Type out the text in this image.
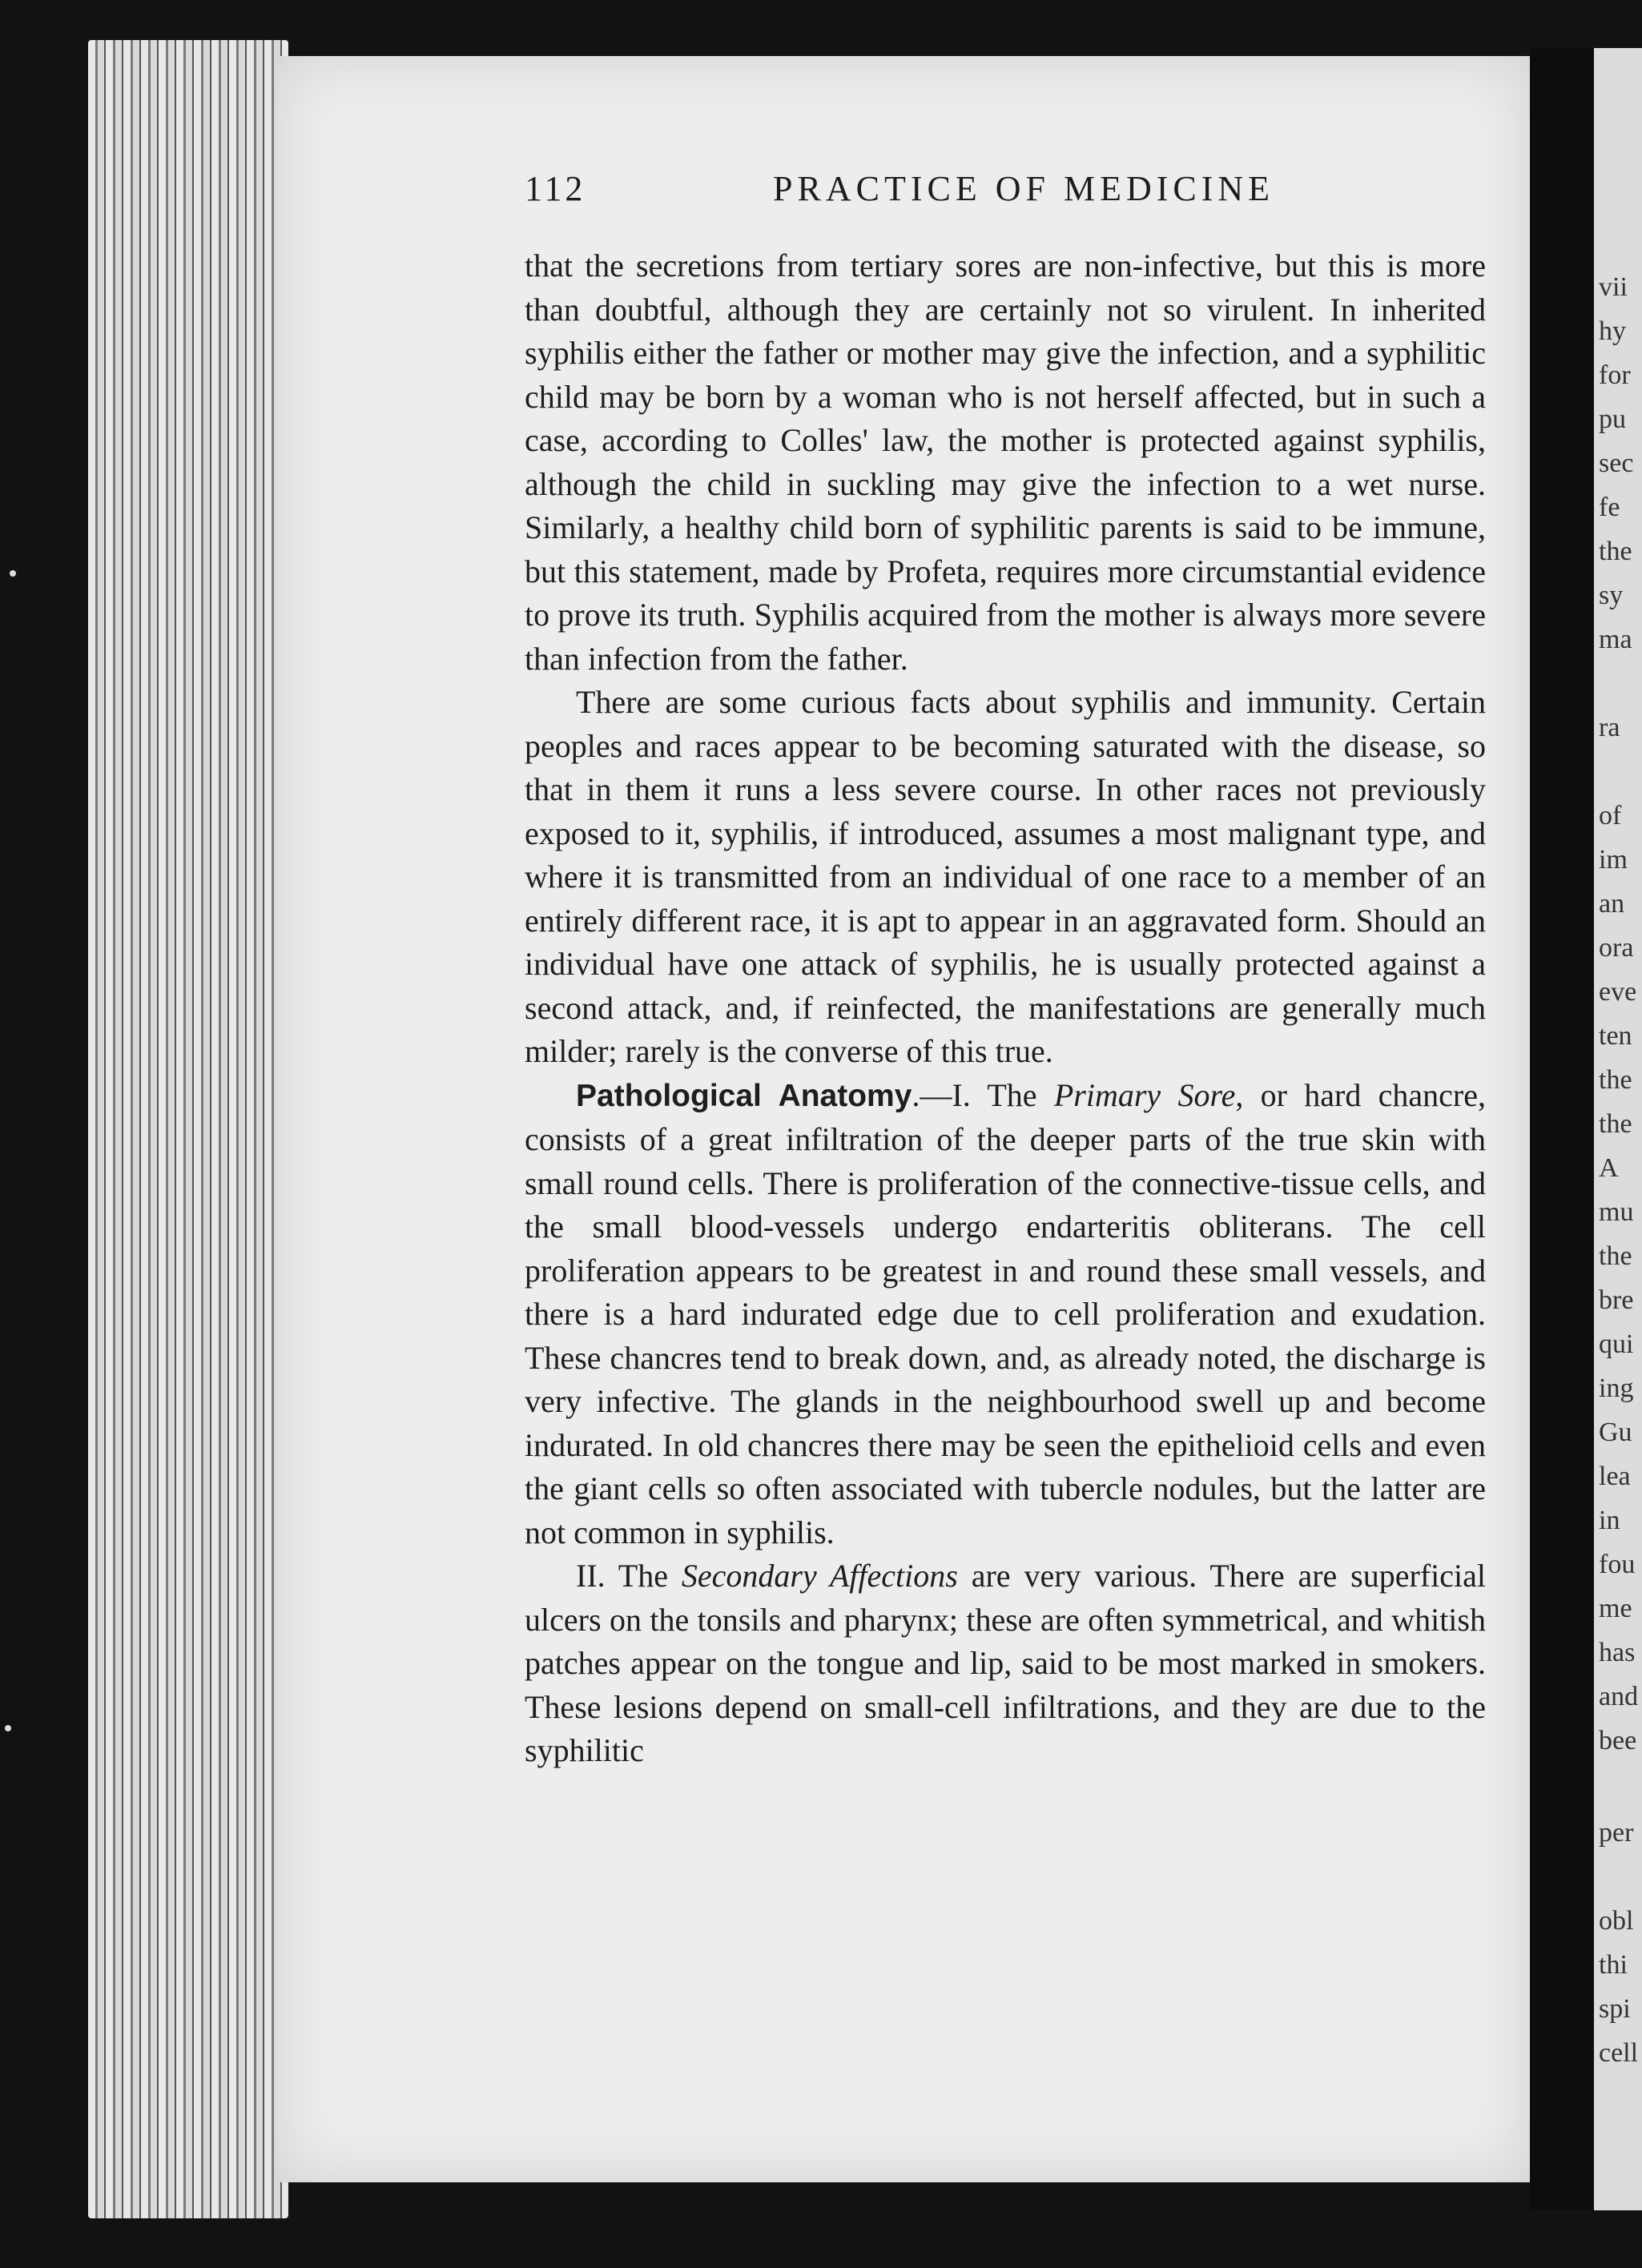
vii
hy
for
pu
sec
fe
the
sy
ma
ra
of
im
an
ora
eve
ten
the
the
A
mu
the
bre
qui
ing
Gu
lea
in
fou
me
has
and
bee
per
obl
thi
spi
cell
112	PRACTICE OF MEDICINE

that the secretions from tertiary sores are non-infective, but this is more than doubtful, although they are certainly not so virulent. In inherited syphilis either the father or mother may give the infection, and a syphilitic child may be born by a woman who is not herself affected, but in such a case, according to Colles' law, the mother is protected against syphilis, although the child in suckling may give the infection to a wet nurse. Similarly, a healthy child born of syphilitic parents is said to be immune, but this statement, made by Profeta, requires more circumstantial evidence to prove its truth. Syphilis acquired from the mother is always more severe than infection from the father.

There are some curious facts about syphilis and immunity. Certain peoples and races appear to be becoming saturated with the disease, so that in them it runs a less severe course. In other races not previously exposed to it, syphilis, if introduced, assumes a most malignant type, and where it is transmitted from an individual of one race to a member of an entirely different race, it is apt to appear in an aggravated form. Should an individual have one attack of syphilis, he is usually protected against a second attack, and, if reinfected, the manifestations are generally much milder; rarely is the converse of this true.

Pathological Anatomy.—I. The Primary Sore, or hard chancre, consists of a great infiltration of the deeper parts of the true skin with small round cells. There is proliferation of the connective-tissue cells, and the small blood-vessels undergo endarteritis obliterans. The cell proliferation appears to be greatest in and round these small vessels, and there is a hard indurated edge due to cell proliferation and exudation. These chancres tend to break down, and, as already noted, the discharge is very infective. The glands in the neighbourhood swell up and become indurated. In old chancres there may be seen the epithelioid cells and even the giant cells so often associated with tubercle nodules, but the latter are not common in syphilis.

II. The Secondary Affections are very various. There are superficial ulcers on the tonsils and pharynx; these are often symmetrical, and whitish patches appear on the tongue and lip, said to be most marked in smokers. These lesions depend on small-cell infiltrations, and they are due to the syphilitic
